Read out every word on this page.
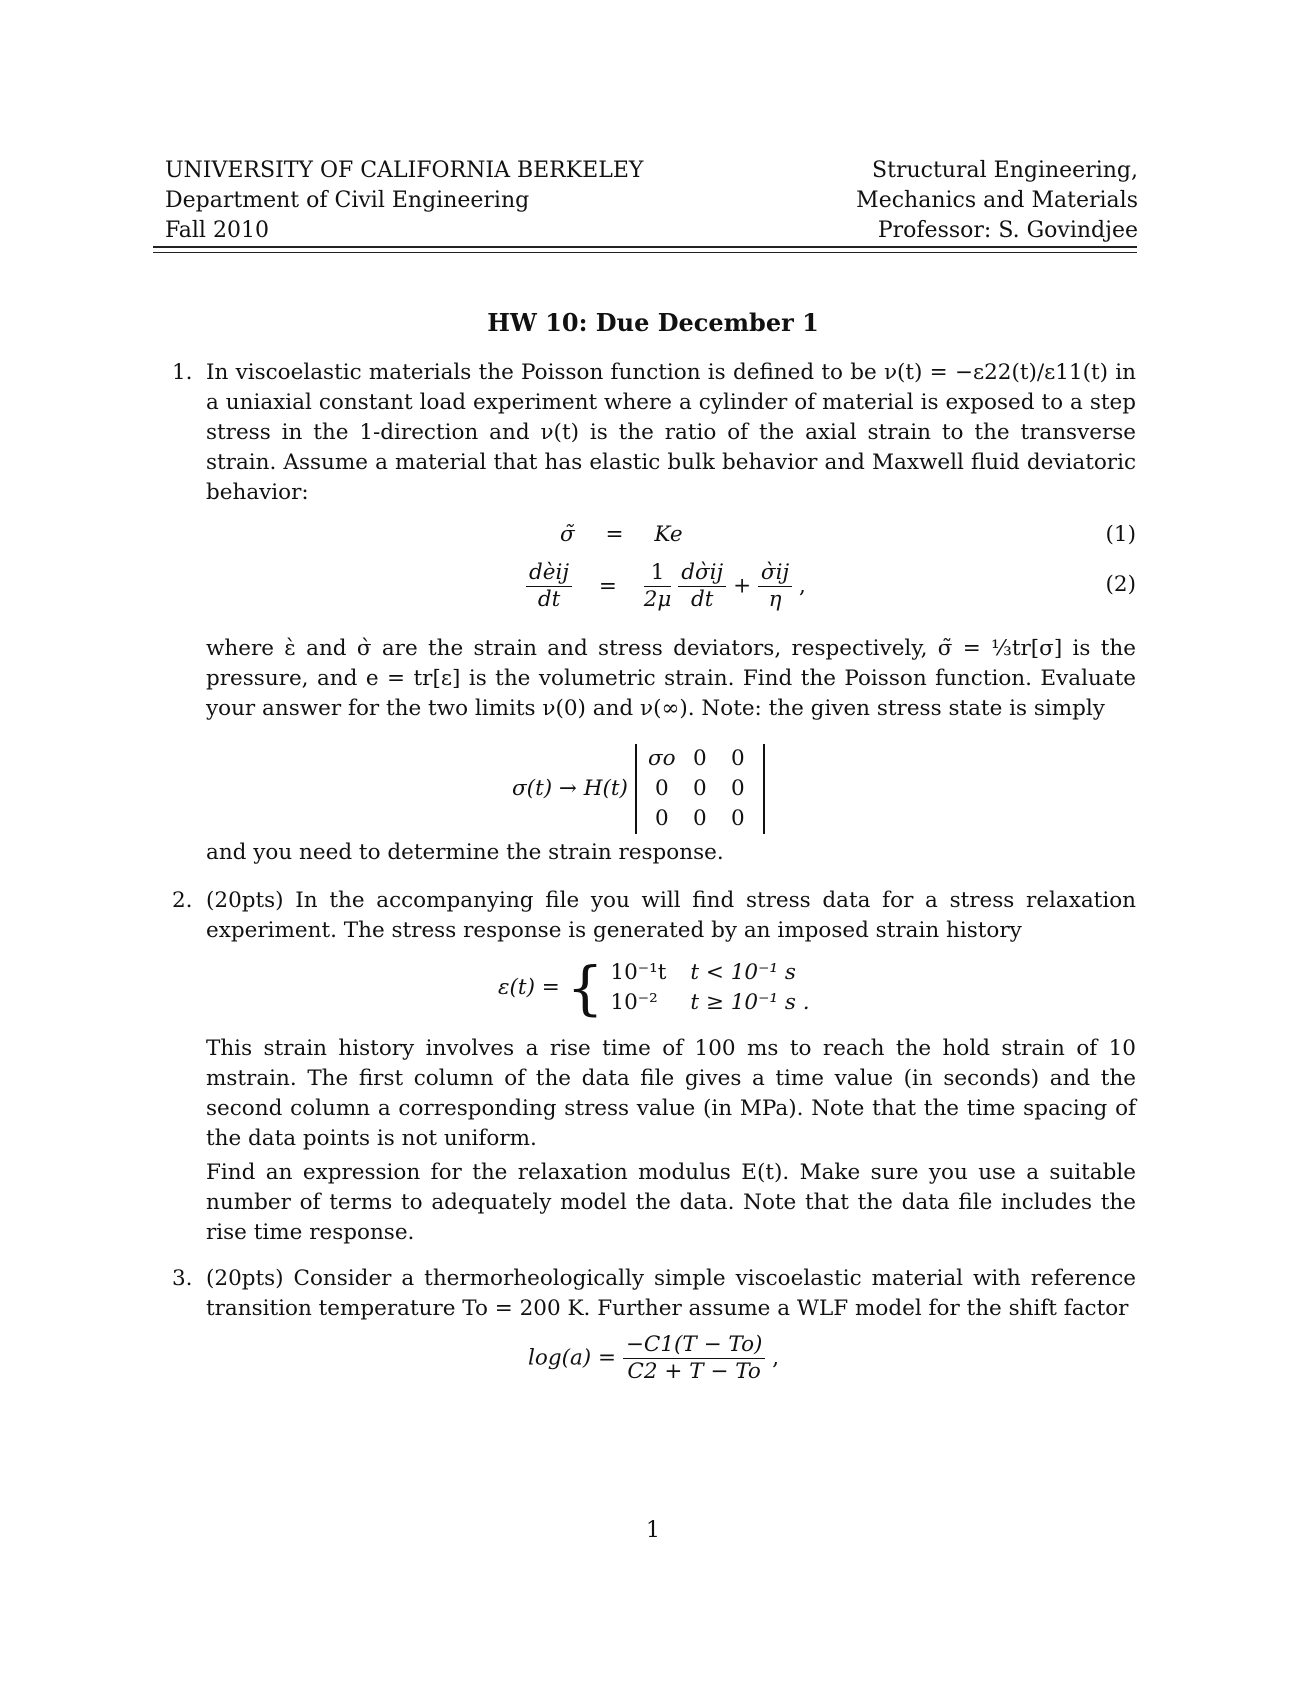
UNIVERSITY OF CALIFORNIA BERKELEY
Department of Civil Engineering
Fall 2010
Structural Engineering,
Mechanics and Materials
Professor: S. Govindjee
HW 10: Due December 1
1. In viscoelastic materials the Poisson function is defined to be ν(t) = −ε22(t)/ε11(t) in a uniaxial constant load experiment where a cylinder of material is exposed to a step stress in the 1-direction and ν(t) is the ratio of the axial strain to the transverse strain. Assume a material that has elastic bulk behavior and Maxwell fluid deviatoric behavior:
σ̃ = Ke	(1)
$\frac{\text{dèij}}{dt} = \frac{1}{2\mu}$
$\frac{d\sigmàij}{dt} + \frac{\sigmàij}{\eta}$ ,	(2)
where ὲ and σ̀ are the strain and stress deviators, respectively, σ̃ = ⅓tr[σ] is the pressure, and e = tr[ε] is the volumetric strain. Find the Poisson function. Evaluate your answer for the two limits ν(0) and ν(∞). Note: the given stress state is simply
σ(t) → H(t)
σo 0	0
0	0	0
0	0	0
and you need to determine the strain response.
2. (20pts) In the accompanying file you will find stress data for a stress relaxation experiment. The stress response is generated by an imposed strain history
ε(t) = { 10⁻¹t t < 10⁻¹ s
10⁻² t ≥ 10⁻¹ s .
This strain history involves a rise time of 100 ms to reach the hold strain of 10 mstrain. The first column of the data file gives a time value (in seconds) and the second column a corresponding stress value (in MPa). Note that the time spacing of the data points is not uniform.
Find an expression for the relaxation modulus E(t). Make sure you use a suitable number of terms to adequately model the data. Note that the data file includes the rise time response.
3. (20pts) Consider a thermorheologically simple viscoelastic material with reference transition temperature To = 200 K. Further assume a WLF model for the shift factor
$\log(a) = \frac{-C1(T - To)}{C2 + T - To}$ ,
1
